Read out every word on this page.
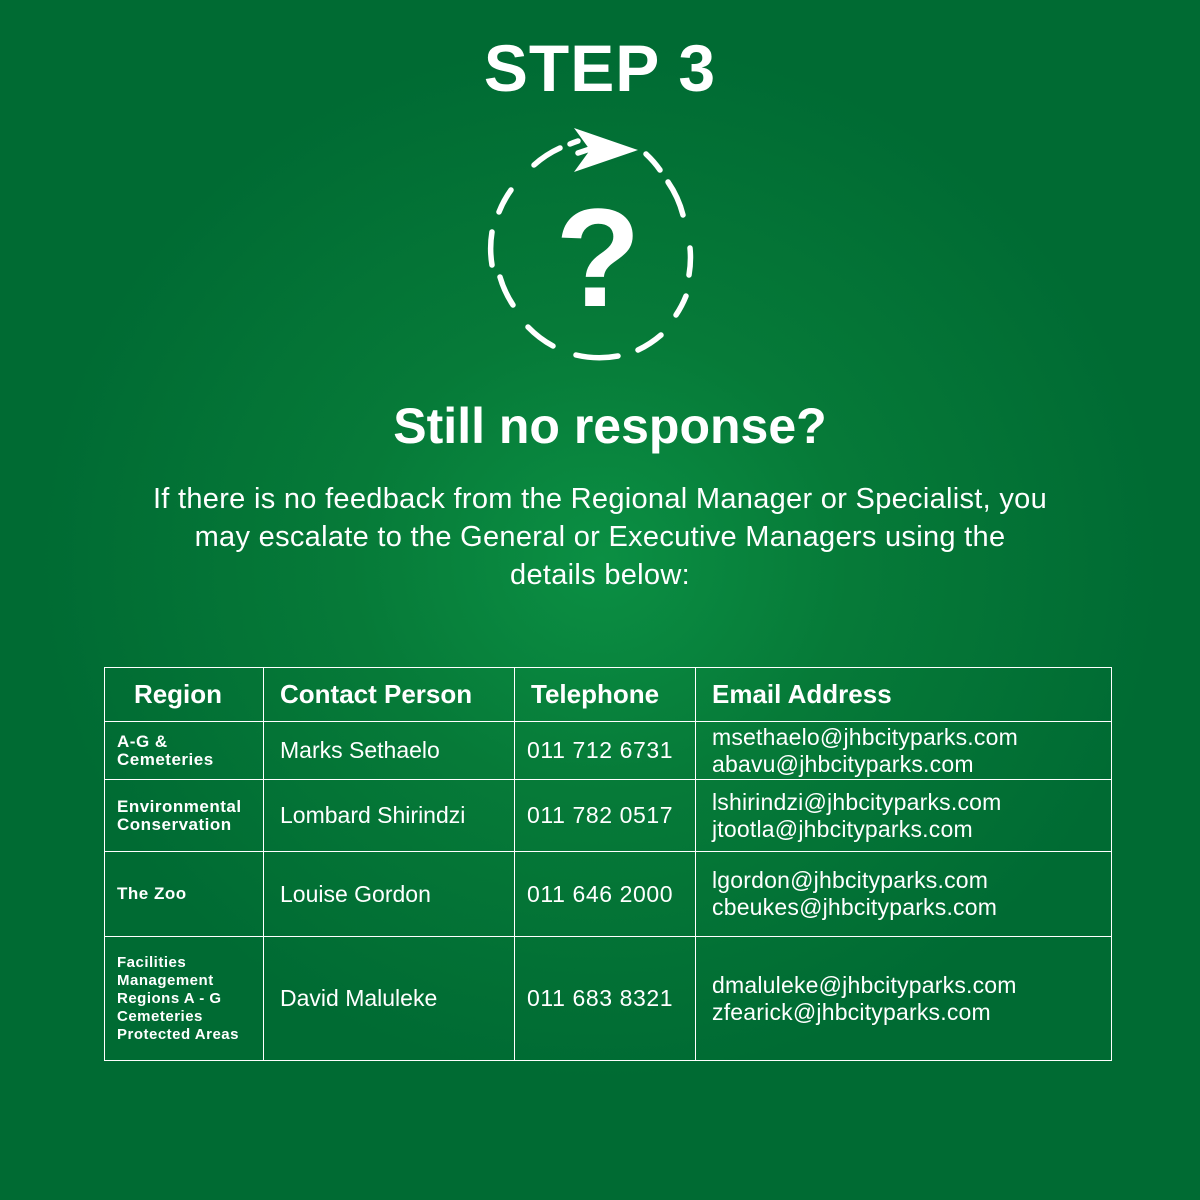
STEP 3
?
Still no response?
If there is no feedback from the Regional Manager or Specialist, you may escalate to the General or Executive Managers using the details below:
Region	Contact Person	Telephone	Email Address

A-G &
Cemeteries	Marks Sethaelo	011 712 6731	msethaelo@jhbcityparks.com
abavu@jhbcityparks.com

Environmental
Conservation	Lombard Shirindzi	011 782 0517	lshirindzi@jhbcityparks.com
jtootla@jhbcityparks.com

The Zoo	Louise Gordon	011 646 2000	lgordon@jhbcityparks.com
cbeukes@jhbcityparks.com

Facilities
Management
Regions A - G
Cemeteries
Protected Areas	David Maluleke	011 683 8321	dmaluleke@jhbcityparks.com
zfearick@jhbcityparks.com
